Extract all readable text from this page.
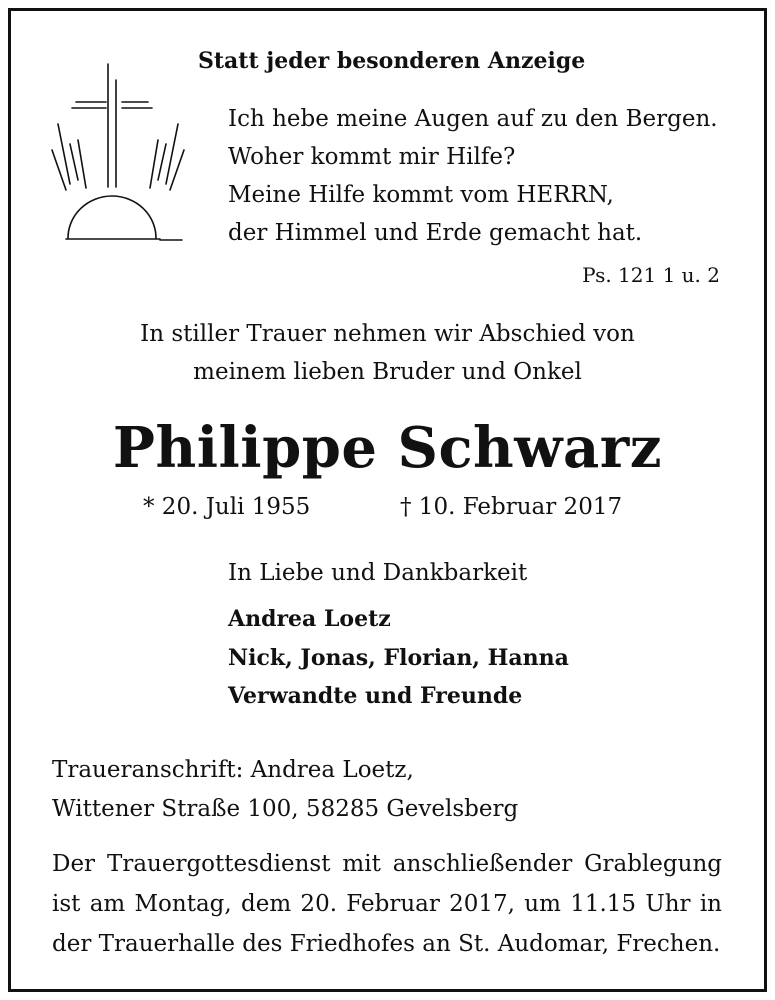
Statt jeder besonderen Anzeige
Ich hebe meine Augen auf zu den Bergen.
Woher kommt mir Hilfe?
Meine Hilfe kommt vom HERRN,
der Himmel und Erde gemacht hat.
Ps. 121 1 u. 2
In stiller Trauer nehmen wir Abschied von
meinem lieben Bruder und Onkel
Philippe Schwarz
* 20. Juli 1955	† 10. Februar 2017
In Liebe und Dankbarkeit
Andrea Loetz
Nick, Jonas, Florian, Hanna
Verwandte und Freunde
Traueranschrift: Andrea Loetz,
Wittener Straße 100, 58285 Gevelsberg
Der Trauergottesdienst mit anschließender Grablegung ist am Montag, dem 20. Februar 2017, um 11.15 Uhr in der Trauerhalle des Friedhofes an St. Audomar, Frechen.
